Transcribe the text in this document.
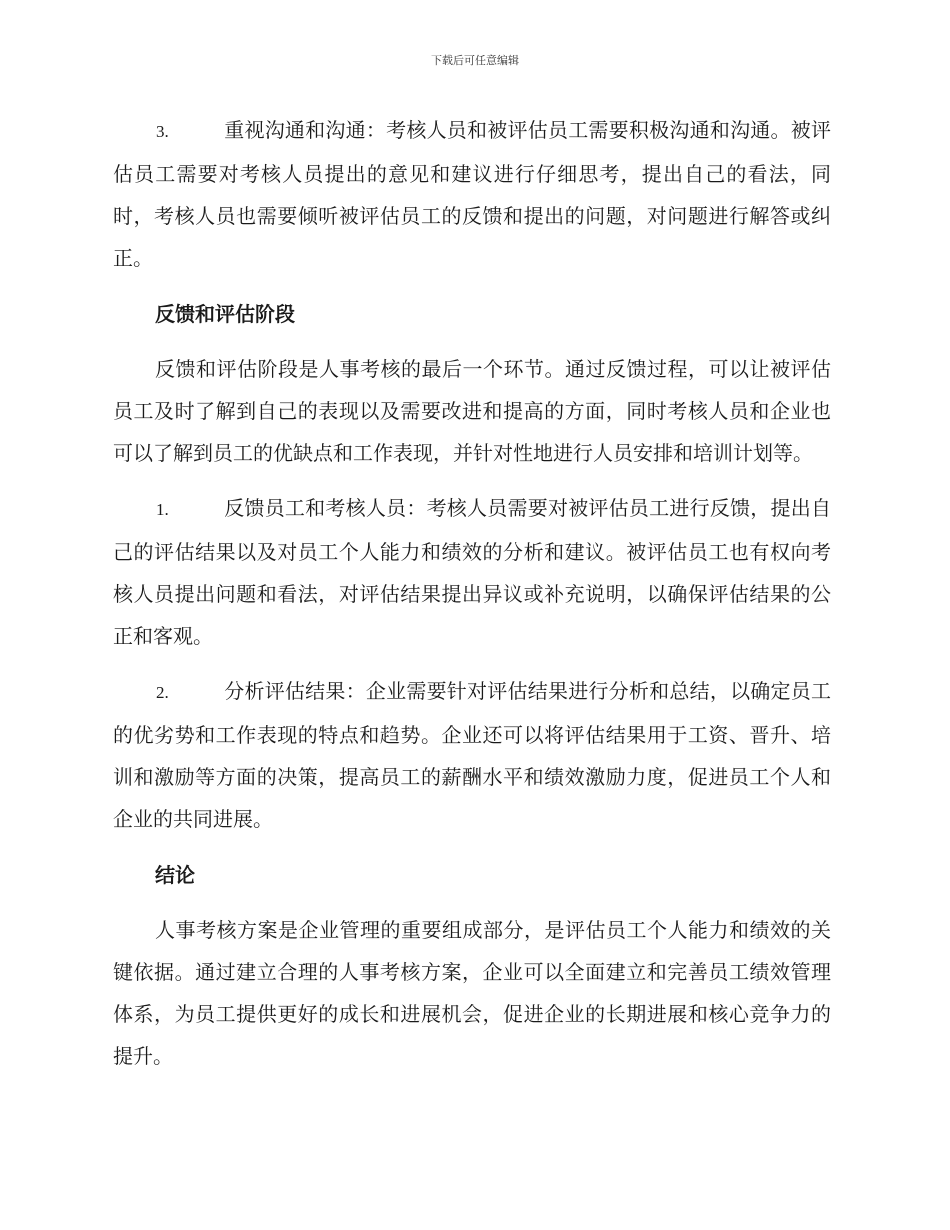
下载后可任意编辑

3.	重视沟通和沟通：考核人员和被评估员工需要积极沟通和沟通。被评估员工需要对考核人员提出的意见和建议进行仔细思考，提出自己的看法，同时，考核人员也需要倾听被评估员工的反馈和提出的问题，对问题进行解答或纠正。

反馈和评估阶段

反馈和评估阶段是人事考核的最后一个环节。通过反馈过程，可以让被评估员工及时了解到自己的表现以及需要改进和提高的方面，同时考核人员和企业也可以了解到员工的优缺点和工作表现，并针对性地进行人员安排和培训计划等。

1.	反馈员工和考核人员：考核人员需要对被评估员工进行反馈，提出自己的评估结果以及对员工个人能力和绩效的分析和建议。被评估员工也有权向考核人员提出问题和看法，对评估结果提出异议或补充说明，以确保评估结果的公正和客观。

2.	分析评估结果：企业需要针对评估结果进行分析和总结，以确定员工的优劣势和工作表现的特点和趋势。企业还可以将评估结果用于工资、晋升、培训和激励等方面的决策，提高员工的薪酬水平和绩效激励力度，促进员工个人和企业的共同进展。

结论

人事考核方案是企业管理的重要组成部分，是评估员工个人能力和绩效的关键依据。通过建立合理的人事考核方案，企业可以全面建立和完善员工绩效管理体系，为员工提供更好的成长和进展机会，促进企业的长期进展和核心竞争力的提升。
